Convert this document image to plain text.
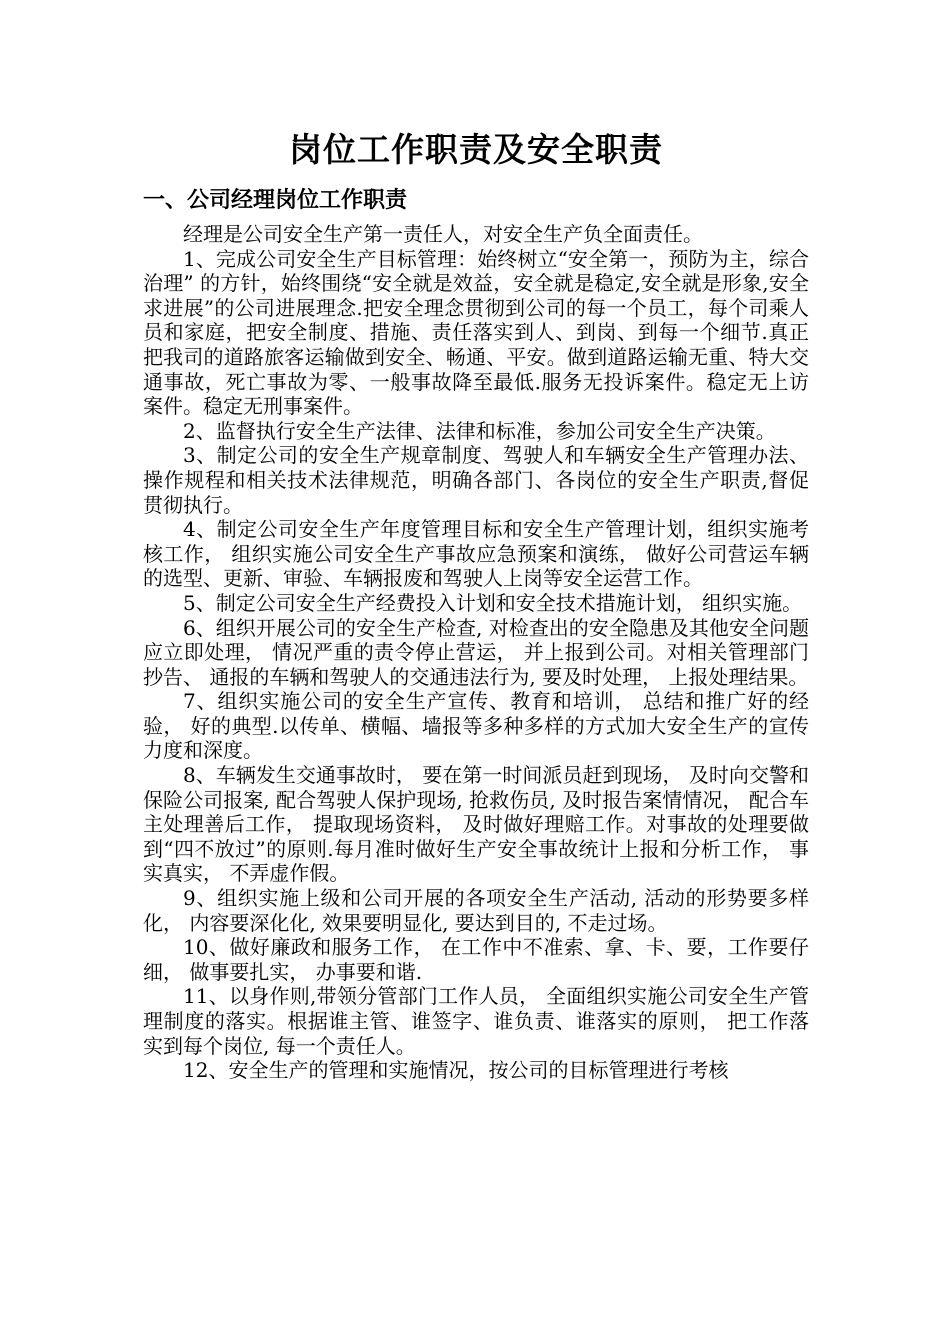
岗位工作职责及安全职责
一、公司经理岗位工作职责

经理是公司安全生产第一责任人，对安全生产负全面责任。

1、完成公司安全生产目标管理：始终树立“安全第一，预防为主，综合治理” 的方针，始终围绕“安全就是效益，安全就是稳定,安全就是形象,安全求进展”的公司进展理念.把安全理念贯彻到公司的每一个员工，每个司乘人员和家庭，把安全制度、措施、责任落实到人、到岗、到每一个细节.真正把我司的道路旅客运输做到安全、畅通、平安。做到道路运输无重、特大交通事故，死亡事故为零、一般事故降至最低.服务无投诉案件。稳定无上访案件。稳定无刑事案件。

2、监督执行安全生产法律、法律和标准，参加公司安全生产决策。

3、制定公司的安全生产规章制度、驾驶人和车辆安全生产管理办法、操作规程和相关技术法律规范，明确各部门、各岗位的安全生产职责,督促贯彻执行。

4、制定公司安全生产年度管理目标和安全生产管理计划，组织实施考核工作， 组织实施公司安全生产事故应急预案和演练， 做好公司营运车辆的选型、更新、审验、车辆报废和驾驶人上岗等安全运营工作。

5、制定公司安全生产经费投入计划和安全技术措施计划， 组织实施。

6、组织开展公司的安全生产检查, 对检查出的安全隐患及其他安全问题应立即处理， 情况严重的责令停止营运， 并上报到公司。对相关管理部门抄告、 通报的车辆和驾驶人的交通违法行为, 要及时处理， 上报处理结果。

7、组织实施公司的安全生产宣传、教育和培训， 总结和推广好的经验， 好的典型.以传单、横幅、墙报等多种多样的方式加大安全生产的宣传力度和深度。

8、车辆发生交通事故时， 要在第一时间派员赶到现场， 及时向交警和保险公司报案, 配合驾驶人保护现场, 抢救伤员, 及时报告案情情况， 配合车主处理善后工作， 提取现场资料， 及时做好理赔工作。对事故的处理要做到“四不放过”的原则.每月准时做好生产安全事故统计上报和分析工作， 事实真实， 不弄虚作假。

9、组织实施上级和公司开展的各项安全生产活动, 活动的形势要多样化， 内容要深化化, 效果要明显化, 要达到目的, 不走过场。

10、做好廉政和服务工作， 在工作中不准索、拿、卡、要，工作要仔细， 做事要扎实， 办事要和谐.

11、以身作则,带领分管部门工作人员， 全面组织实施公司安全生产管理制度的落实。根据谁主管、谁签字、谁负责、谁落实的原则， 把工作落实到每个岗位, 每一个责任人。

12、安全生产的管理和实施情况，按公司的目标管理进行考核
